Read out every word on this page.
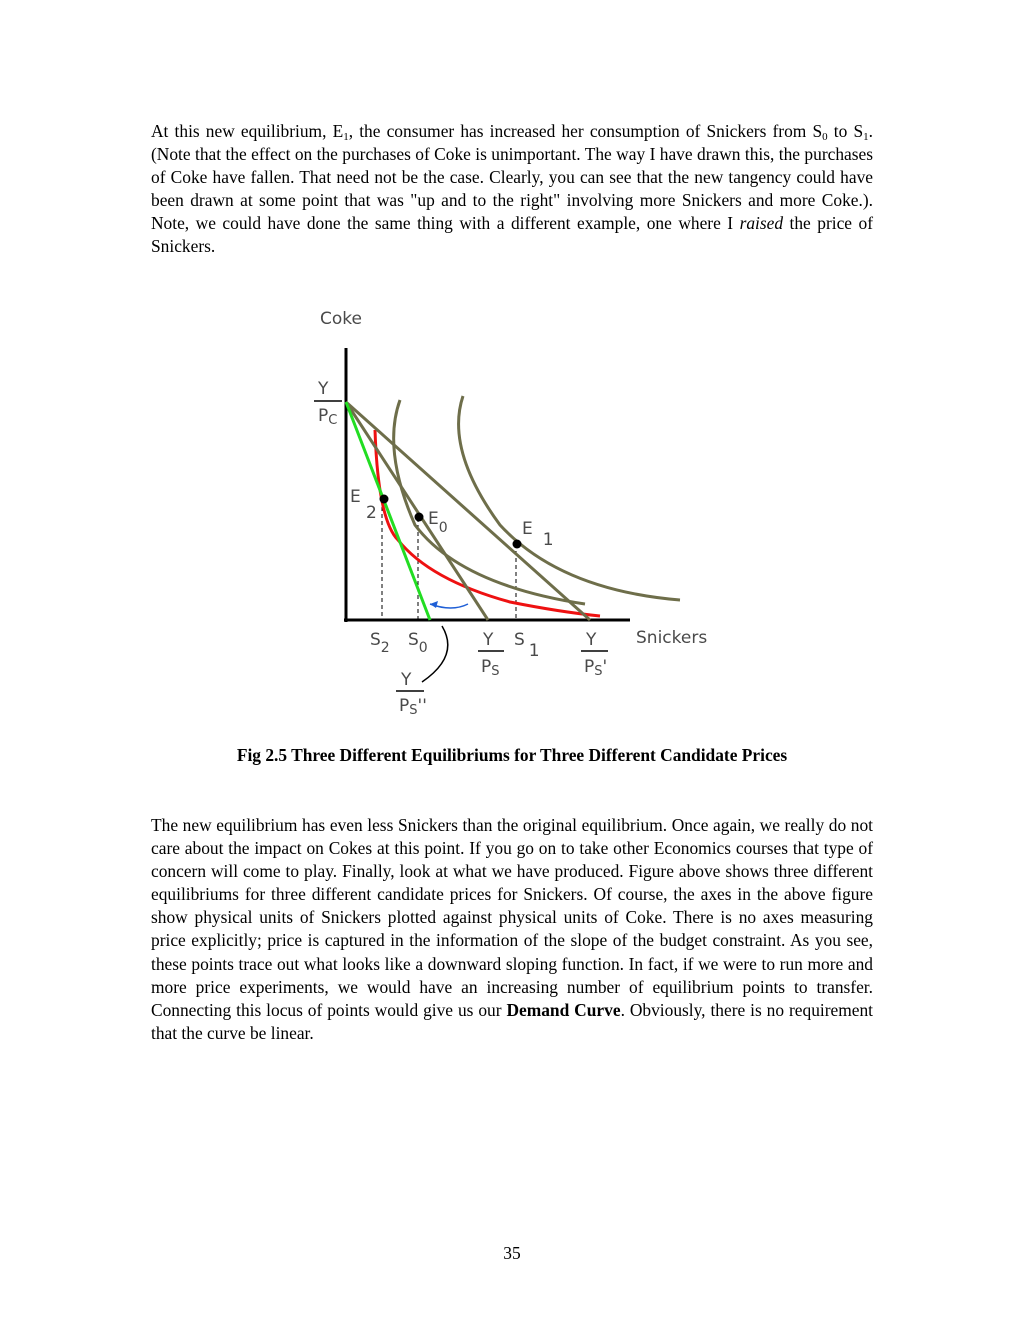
At this new equilibrium, $E_1$, the consumer has increased her consumption of Snickers from $S_0$ to $S_1$. (Note that the effect on the purchases of Coke is unimportant. The way I have drawn this, the purchases of Coke have fallen. That need not be the case. Clearly, you can see that the new tangency could have been drawn at some point that was "up and to the right" involving more Snickers and more Coke.). Note, we could have done the same thing with a different example, one where I raised the price of Snickers.

Coke
Snickers
Y
PC
E2	$E_0$	E1
$S_2$ $S_0$	S1
Y
PS
Y
PS'
Y
PS''

Fig 2.5 Three Different Equilibriums for Three Different Candidate Prices

The new equilibrium has even less Snickers than the original equilibrium. Once again, we really do not care about the impact on Cokes at this point. If you go on to take other Economics courses that type of concern will come to play. Finally, look at what we have produced. Figure above shows three different equilibriums for three different candidate prices for Snickers. Of course, the axes in the above figure show physical units of Snickers plotted against physical units of Coke. There is no axes measuring price explicitly; price is captured in the information of the slope of the budget constraint. As you see, these points trace out what looks like a downward sloping function. In fact, if we were to run more and more price experiments, we would have an increasing number of equilibrium points to transfer. Connecting this locus of points would give us our Demand Curve. Obviously, there is no requirement that the curve be linear.

35
